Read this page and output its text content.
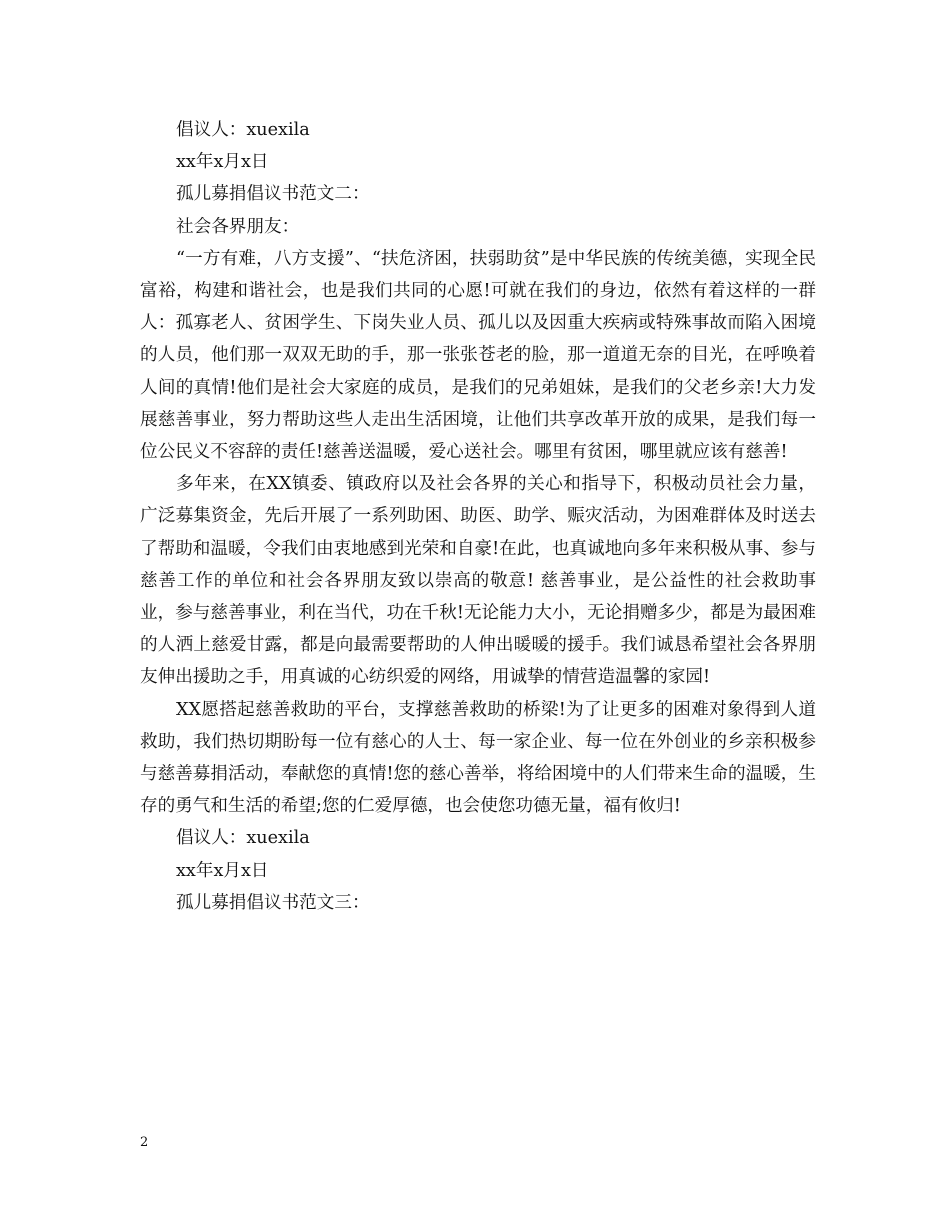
倡议人：xuexila
xx年x月x日
孤儿募捐倡议书范文二：
社会各界朋友：

“一方有难，八方支援”、“扶危济困，扶弱助贫”是中华民族的传统美德，实现全民富裕，构建和谐社会，也是我们共同的心愿!可就在我们的身边，依然有着这样的一群人：孤寡老人、贫困学生、下岗失业人员、孤儿以及因重大疾病或特殊事故而陷入困境的人员，他们那一双双无助的手，那一张张苍老的脸，那一道道无奈的目光，在呼唤着人间的真情!他们是社会大家庭的成员，是我们的兄弟姐妹，是我们的父老乡亲!大力发展慈善事业，努力帮助这些人走出生活困境，让他们共享改革开放的成果，是我们每一位公民义不容辞的责任!慈善送温暖，爱心送社会。哪里有贫困，哪里就应该有慈善!

多年来，在XX镇委、镇政府以及社会各界的关心和指导下，积极动员社会力量，广泛募集资金，先后开展了一系列助困、助医、助学、赈灾活动，为困难群体及时送去了帮助和温暖，令我们由衷地感到光荣和自豪!在此，也真诚地向多年来积极从事、参与慈善工作的单位和社会各界朋友致以崇高的敬意! 慈善事业，是公益性的社会救助事业，参与慈善事业，利在当代，功在千秋!无论能力大小，无论捐赠多少，都是为最困难的人洒上慈爱甘露，都是向最需要帮助的人伸出暖暖的援手。我们诚恳希望社会各界朋友伸出援助之手，用真诚的心纺织爱的网络，用诚挚的情营造温馨的家园!

XX愿搭起慈善救助的平台，支撑慈善救助的桥梁!为了让更多的困难对象得到人道救助，我们热切期盼每一位有慈心的人士、每一家企业、每一位在外创业的乡亲积极参与慈善募捐活动，奉献您的真情!您的慈心善举，将给困境中的人们带来生命的温暖，生存的勇气和生活的希望;您的仁爱厚德，也会使您功德无量，福有攸归!

倡议人：xuexila
xx年x月x日
孤儿募捐倡议书范文三：
2
